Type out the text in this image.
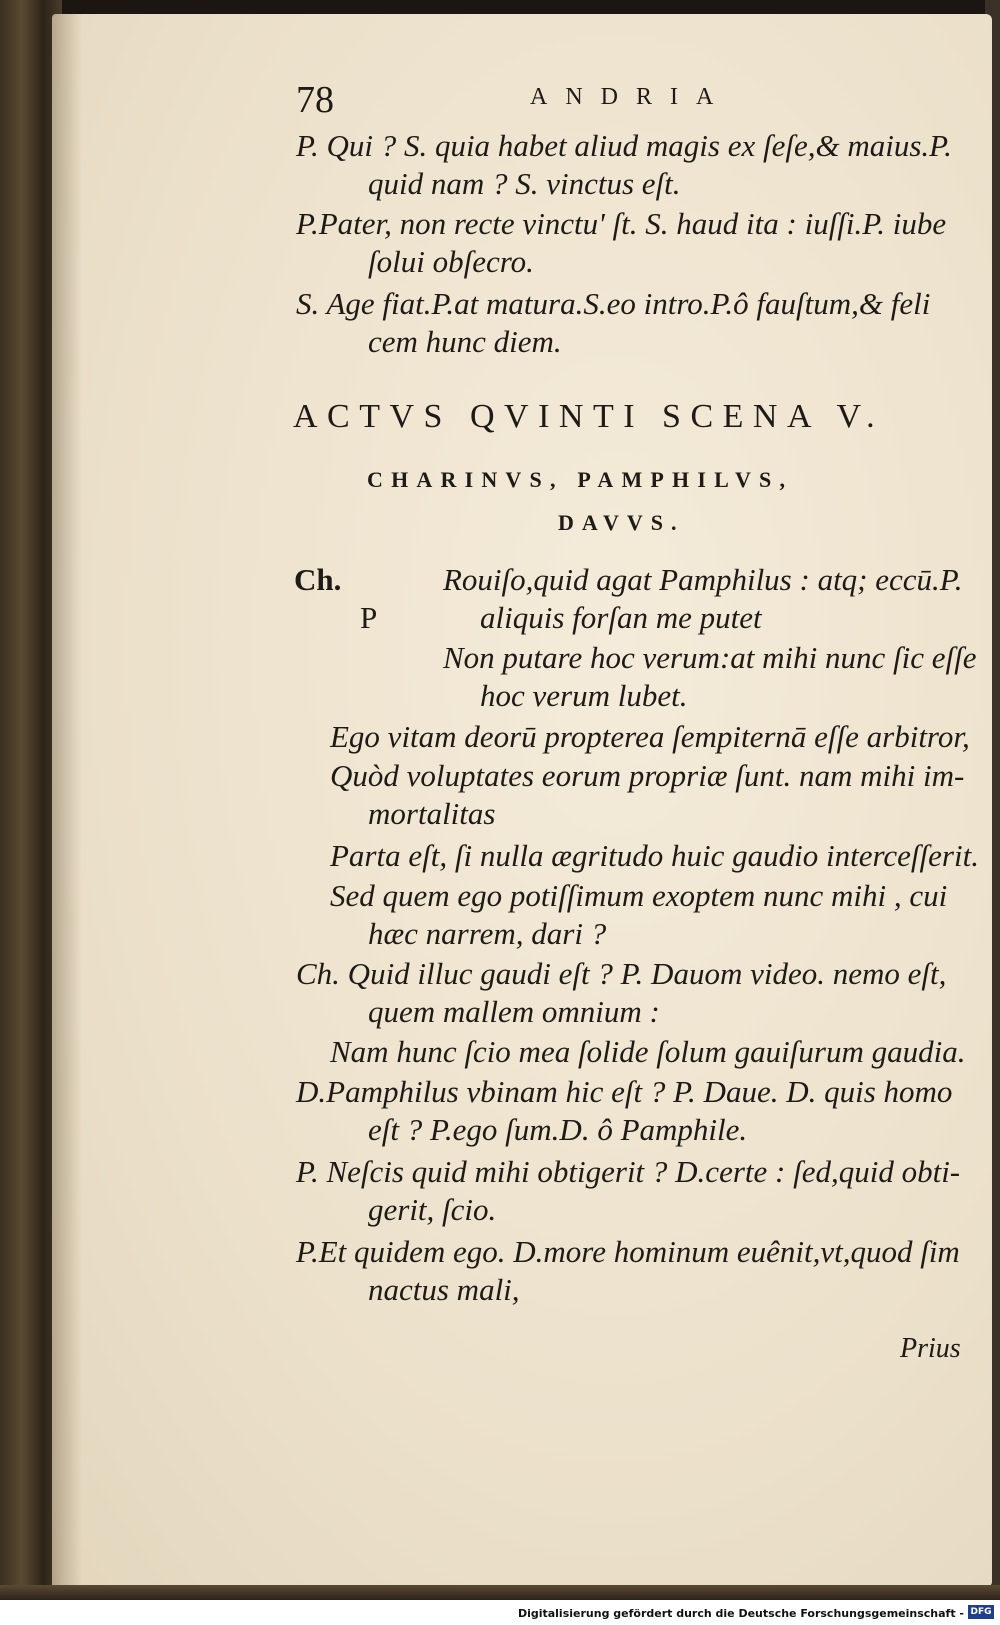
78	ANDRIA
P. Qui ? S. quia habet aliud magis ex ſeſe,& maius.P.
quid nam ? S. vinctus eſt.
P.Pater, non recte vinctu' ſt. S. haud ita : iuſſi.P. iube
ſolui obſecro.
S. Age fiat.P.at matura.S.eo intro.P.ô fauſtum,& feli
cem hunc diem.
ACTVS QVINTI SCENA V.
CHARINVS, PAMPHILVS,
DAVVS.
Ch.	Rouiſo,quid agat Pamphilus : atq; eccū.P.
P	aliquis forſan me putet
Non putare hoc verum:at mihi nunc ſic eſſe
hoc verum lubet.
Ego vitam deorū propterea ſempiternā eſſe arbitror,
Quòd voluptates eorum propriæ ſunt. nam mihi im-
mortalitas
Parta eſt, ſi nulla ægritudo huic gaudio interceſſerit.
Sed quem ego potiſſimum exoptem nunc mihi , cui
hæc narrem, dari ?
Ch. Quid illuc gaudi eſt ? P. Dauom video. nemo eſt,
quem mallem omnium :
Nam hunc ſcio mea ſolide ſolum gauiſurum gaudia.
D.Pamphilus vbinam hic eſt ? P. Daue. D. quis homo
eſt ? P.ego ſum.D. ô Pamphile.
P. Neſcis quid mihi obtigerit ? D.certe : ſed,quid obti-
gerit, ſcio.
P.Et quidem ego. D.more hominum euênit,vt,quod ſim
nactus mali,
Prius
Digitalisierung gefördert durch die Deutsche Forschungsgemeinschaft - DFG
